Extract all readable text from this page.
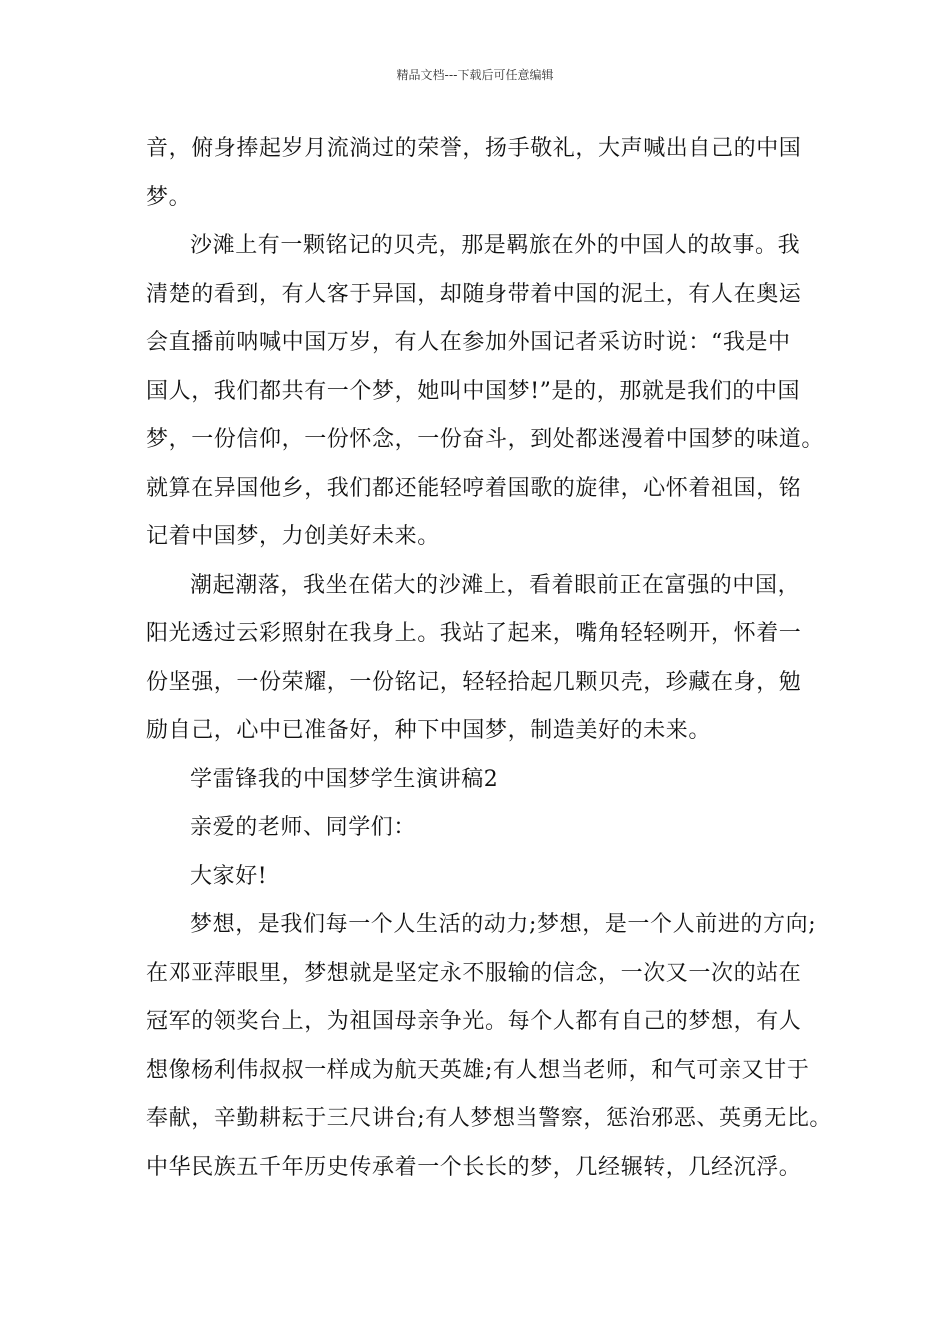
精品文档---下载后可任意编辑

音，俯身捧起岁月流淌过的荣誉，扬手敬礼，大声喊出自己的中国
梦。

沙滩上有一颗铭记的贝壳，那是羁旅在外的中国人的故事。我
清楚的看到，有人客于异国，却随身带着中国的泥土，有人在奥运
会直播前呐喊中国万岁，有人在参加外国记者采访时说：“我是中
国人，我们都共有一个梦，她叫中国梦!”是的，那就是我们的中国
梦，一份信仰，一份怀念，一份奋斗，到处都迷漫着中国梦的味道。
就算在异国他乡，我们都还能轻哼着国歌的旋律，心怀着祖国，铭
记着中国梦，力创美好未来。

潮起潮落，我坐在偌大的沙滩上，看着眼前正在富强的中国，
阳光透过云彩照射在我身上。我站了起来，嘴角轻轻咧开，怀着一
份坚强，一份荣耀，一份铭记，轻轻拾起几颗贝壳，珍藏在身，勉
励自己，心中已准备好，种下中国梦，制造美好的未来。

学雷锋我的中国梦学生演讲稿2

亲爱的老师、同学们：

大家好!

梦想，是我们每一个人生活的动力;梦想，是一个人前进的方向;
在邓亚萍眼里，梦想就是坚定永不服输的信念，一次又一次的站在
冠军的领奖台上，为祖国母亲争光。每个人都有自己的梦想，有人
想像杨利伟叔叔一样成为航天英雄;有人想当老师，和气可亲又甘于
奉献，辛勤耕耘于三尺讲台;有人梦想当警察，惩治邪恶、英勇无比。
中华民族五千年历史传承着一个长长的梦，几经辗转，几经沉浮。
